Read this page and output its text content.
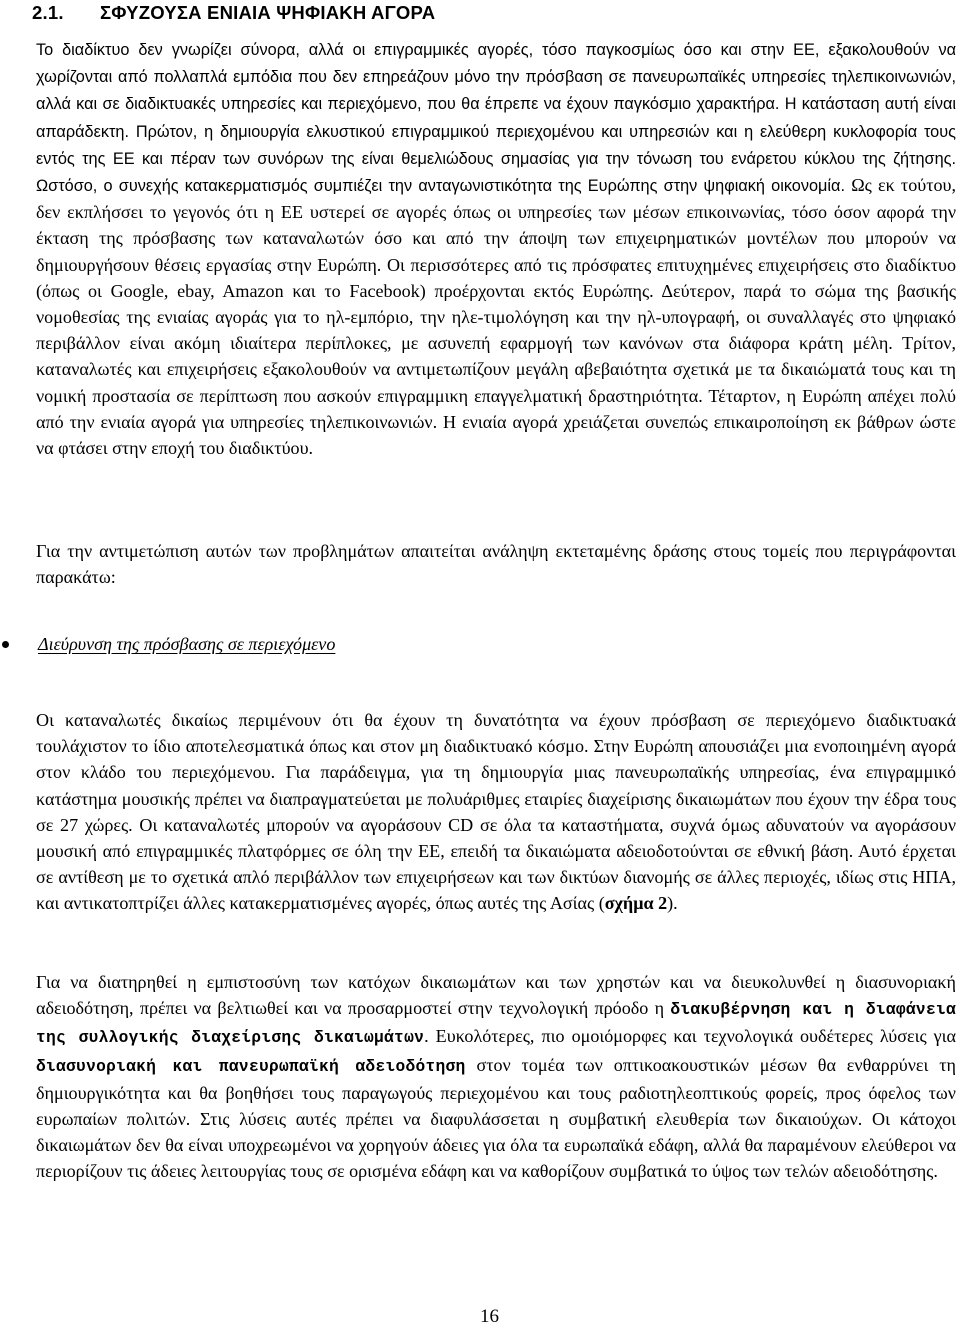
2.1. ΣΦΥΖΟΥΣΑ ΕΝΙΑΙΑ ΨΗΦΙΑΚΗ ΑΓΟΡΑ

Το διαδίκτυο δεν γνωρίζει σύνορα, αλλά οι επιγραμμικές αγορές, τόσο παγκοσμίως όσο και στην ΕΕ, εξακολουθούν να χωρίζονται από πολλαπλά εμπόδια που δεν επηρεάζουν μόνο την πρόσβαση σε πανευρωπαϊκές υπηρεσίες τηλεπικοινωνιών, αλλά και σε διαδικτυακές υπηρεσίες και περιεχόμενο, που θα έπρεπε να έχουν παγκόσμιο χαρακτήρα. Η κατάσταση αυτή είναι απαράδεκτη. Πρώτον, η δημιουργία ελκυστικού επιγραμμικού περιεχομένου και υπηρεσιών και η ελεύθερη κυκλοφορία τους εντός της ΕΕ και πέραν των συνόρων της είναι θεμελιώδους σημασίας για την τόνωση του ενάρετου κύκλου της ζήτησης. Ωστόσο, ο συνεχής κατακερματισμός συμπιέζει την ανταγωνιστικότητα της Ευρώπης στην ψηφιακή οικονομία. Ως εκ τούτου, δεν εκπλήσσει το γεγονός ότι η ΕΕ υστερεί σε αγορές όπως οι υπηρεσίες των μέσων επικοινωνίας, τόσο όσον αφορά την έκταση της πρόσβασης των καταναλωτών όσο και από την άποψη των επιχειρηματικών μοντέλων που μπορούν να δημιουργήσουν θέσεις εργασίας στην Ευρώπη. Οι περισσότερες από τις πρόσφατες επιτυχημένες επιχειρήσεις στο διαδίκτυο (όπως οι Google, ebay, Amazon και το Facebook) προέρχονται εκτός Ευρώπης. Δεύτερον, παρά το σώμα της βασικής νομοθεσίας της ενιαίας αγοράς για το ηλ-εμπόριο, την ηλε-τιμολόγηση και την ηλ-υπογραφή, οι συναλλαγές στο ψηφιακό περιβάλλον είναι ακόμη ιδιαίτερα περίπλοκες, με ασυνεπή εφαρμογή των κανόνων στα διάφορα κράτη μέλη. Τρίτον, καταναλωτές και επιχειρήσεις εξακολουθούν να αντιμετωπίζουν μεγάλη αβεβαιότητα σχετικά με τα δικαιώματά τους και τη νομική προστασία σε περίπτωση που ασκούν επιγραμμικη επαγγελματική δραστηριότητα. Τέταρτον, η Ευρώπη απέχει πολύ από την ενιαία αγορά για υπηρεσίες τηλεπικοινωνιών. Η ενιαία αγορά χρειάζεται συνεπώς επικαιροποίηση εκ βάθρων ώστε να φτάσει στην εποχή του διαδικτύου.

Για την αντιμετώπιση αυτών των προβλημάτων απαιτείται ανάληψη εκτεταμένης δράσης στους τομείς που περιγράφονται παρακάτω:

Διεύρυνση της πρόσβασης σε περιεχόμενο

Οι καταναλωτές δικαίως περιμένουν ότι θα έχουν τη δυνατότητα να έχουν πρόσβαση σε περιεχόμενο διαδικτυακά τουλάχιστον το ίδιο αποτελεσματικά όπως και στον μη διαδικτυακό κόσμο. Στην Ευρώπη απουσιάζει μια ενοποιημένη αγορά στον κλάδο του περιεχόμενου. Για παράδειγμα, για τη δημιουργία μιας πανευρωπαϊκής υπηρεσίας, ένα επιγραμμικό κατάστημα μουσικής πρέπει να διαπραγματεύεται με πολυάριθμες εταιρίες διαχείρισης δικαιωμάτων που έχουν την έδρα τους σε 27 χώρες. Οι καταναλωτές μπορούν να αγοράσουν CD σε όλα τα καταστήματα, συχνά όμως αδυνατούν να αγοράσουν μουσική από επιγραμμικές πλατφόρμες σε όλη την ΕΕ, επειδή τα δικαιώματα αδειοδοτούνται σε εθνική βάση. Αυτό έρχεται σε αντίθεση με το σχετικά απλό περιβάλλον των επιχειρήσεων και των δικτύων διανομής σε άλλες περιοχές, ιδίως στις ΗΠΑ, και αντικατοπτρίζει άλλες κατακερματισμένες αγορές, όπως αυτές της Ασίας (σχήμα 2).

Για να διατηρηθεί η εμπιστοσύνη των κατόχων δικαιωμάτων και των χρηστών και να διευκολυνθεί η διασυνοριακή αδειοδότηση, πρέπει να βελτιωθεί και να προσαρμοστεί στην τεχνολογική πρόοδο η διακυβέρνηση και η διαφάνεια της συλλογικής διαχείρισης δικαιωμάτων. Ευκολότερες, πιο ομοιόμορφες και τεχνολογικά ουδέτερες λύσεις για διασυνοριακή και πανευρωπαϊκή αδειοδότηση στον τομέα των οπτικοακουστικών μέσων θα ενθαρρύνει τη δημιουργικότητα και θα βοηθήσει τους παραγωγούς περιεχομένου και τους ραδιοτηλεοπτικούς φορείς, προς όφελος των ευρωπαίων πολιτών. Στις λύσεις αυτές πρέπει να διαφυλάσσεται η συμβατική ελευθερία των δικαιούχων. Οι κάτοχοι δικαιωμάτων δεν θα είναι υποχρεωμένοι να χορηγούν άδειες για όλα τα ευρωπαϊκά εδάφη, αλλά θα παραμένουν ελεύθεροι να περιορίζουν τις άδειες λειτουργίας τους σε ορισμένα εδάφη και να καθορίζουν συμβατικά το ύψος των τελών αδειοδότησης.

16
